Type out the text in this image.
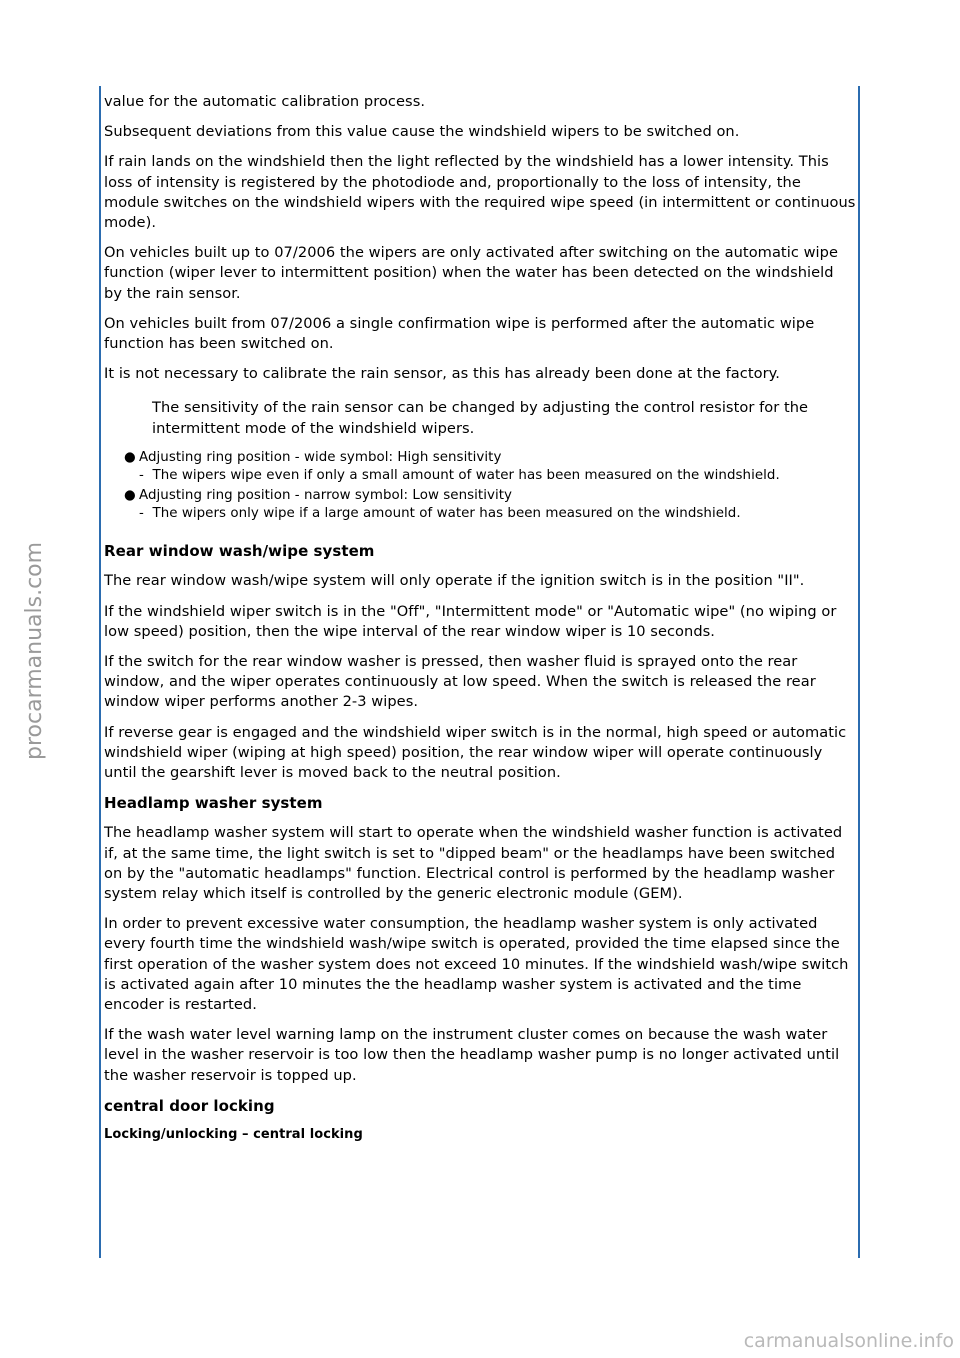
procarmanuals.com

value for the automatic calibration process.

Subsequent deviations from this value cause the windshield wipers to be switched on.

If rain lands on the windshield then the light reflected by the windshield has a lower intensity. This loss of intensity is registered by the photodiode and, proportionally to the loss of intensity, the module switches on the windshield wipers with the required wipe speed (in intermittent or continuous mode).

On vehicles built up to 07/2006 the wipers are only activated after switching on the automatic wipe function (wiper lever to intermittent position) when the water has been detected on the windshield by the rain sensor.

On vehicles built from 07/2006 a single confirmation wipe is performed after the automatic wipe function has been switched on.

It is not necessary to calibrate the rain sensor, as this has already been done at the factory.

The sensitivity of the rain sensor can be changed by adjusting the control resistor for the intermittent mode of the windshield wipers.

● Adjusting ring position - wide symbol: High sensitivity
-  The wipers wipe even if only a small amount of water has been measured on the windshield.
● Adjusting ring position - narrow symbol: Low sensitivity
-  The wipers only wipe if a large amount of water has been measured on the windshield.
Rear window wash/wipe system

The rear window wash/wipe system will only operate if the ignition switch is in the position "II".

If the windshield wiper switch is in the "Off", "Intermittent mode" or "Automatic wipe" (no wiping or low speed) position, then the wipe interval of the rear window wiper is 10 seconds.

If the switch for the rear window washer is pressed, then washer fluid is sprayed onto the rear window, and the wiper operates continuously at low speed. When the switch is released the rear window wiper performs another 2-3 wipes.

If reverse gear is engaged and the windshield wiper switch is in the normal, high speed or automatic windshield wiper (wiping at high speed) position, the rear window wiper will operate continuously until the gearshift lever is moved back to the neutral position.

Headlamp washer system

The headlamp washer system will start to operate when the windshield washer function is activated if, at the same time, the light switch is set to "dipped beam" or the headlamps have been switched on by the "automatic headlamps" function. Electrical control is performed by the headlamp washer system relay which itself is controlled by the generic electronic module (GEM).

In order to prevent excessive water consumption, the headlamp washer system is only activated every fourth time the windshield wash/wipe switch is operated, provided the time elapsed since the first operation of the washer system does not exceed 10 minutes. If the windshield wash/wipe switch is activated again after 10 minutes the the headlamp washer system is activated and the time encoder is restarted.

If the wash water level warning lamp on the instrument cluster comes on because the wash water level in the washer reservoir is too low then the headlamp washer pump is no longer activated until the washer reservoir is topped up.

central door locking
Locking/unlocking – central locking
carmanualsonline.info
